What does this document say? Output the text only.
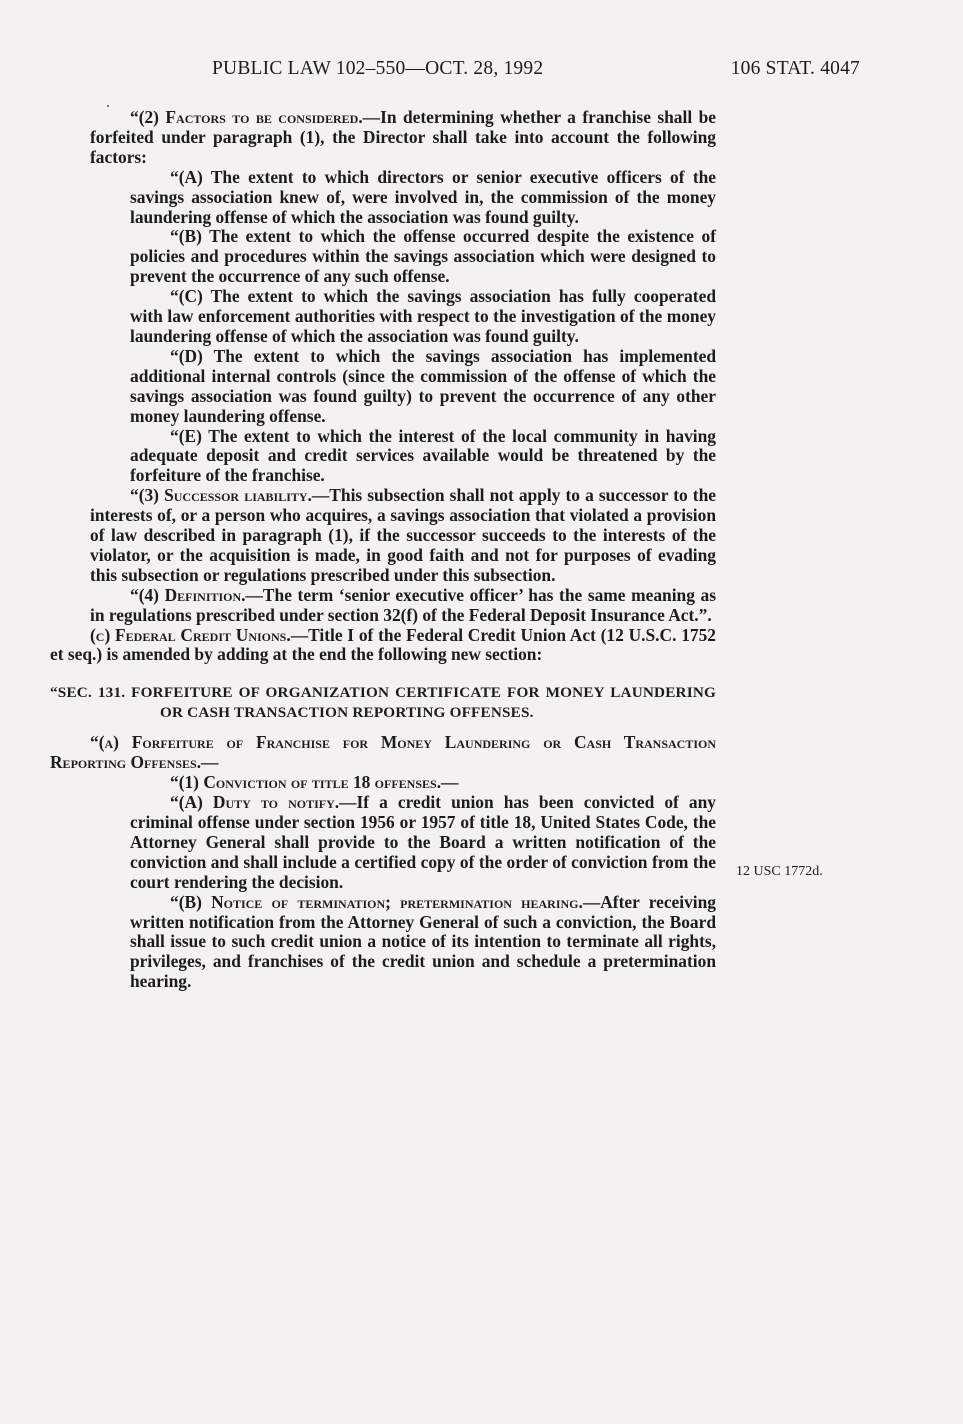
PUBLIC LAW 102–550—OCT. 28, 1992	106 STAT. 4047

“(2) Factors to be considered.—In determining whether a franchise shall be forfeited under paragraph (1), the Director shall take into account the following factors:

“(A) The extent to which directors or senior executive officers of the savings association knew of, were involved in, the commission of the money laundering offense of which the association was found guilty.

“(B) The extent to which the offense occurred despite the existence of policies and procedures within the savings association which were designed to prevent the occurrence of any such offense.

“(C) The extent to which the savings association has fully cooperated with law enforcement authorities with respect to the investigation of the money laundering offense of which the association was found guilty.

“(D) The extent to which the savings association has implemented additional internal controls (since the commission of the offense of which the savings association was found guilty) to prevent the occurrence of any other money laundering offense.

“(E) The extent to which the interest of the local community in having adequate deposit and credit services available would be threatened by the forfeiture of the franchise.

“(3) Successor liability.—This subsection shall not apply to a successor to the interests of, or a person who acquires, a savings association that violated a provision of law described in paragraph (1), if the successor succeeds to the interests of the violator, or the acquisition is made, in good faith and not for purposes of evading this subsection or regulations prescribed under this subsection.

“(4) Definition.—The term ‘senior executive officer’ has the same meaning as in regulations prescribed under section 32(f) of the Federal Deposit Insurance Act.”.

(c) Federal Credit Unions.—Title I of the Federal Credit Union Act (12 U.S.C. 1752 et seq.) is amended by adding at the end the following new section:

“SEC. 131. FORFEITURE OF ORGANIZATION CERTIFICATE FOR MONEY LAUNDERING OR CASH TRANSACTION REPORTING OFFENSES.

“(a) Forfeiture of Franchise for Money Laundering or Cash Transaction Reporting Offenses.—

“(1) Conviction of title 18 offenses.—

“(A) Duty to notify.—If a credit union has been convicted of any criminal offense under section 1956 or 1957 of title 18, United States Code, the Attorney General shall provide to the Board a written notification of the conviction and shall include a certified copy of the order of conviction from the court rendering the decision.

“(B) Notice of termination; pretermination hearing.—After receiving written notification from the Attorney General of such a conviction, the Board shall issue to such credit union a notice of its intention to terminate all rights, privileges, and franchises of the credit union and schedule a pretermination hearing.

12 USC 1772d.
